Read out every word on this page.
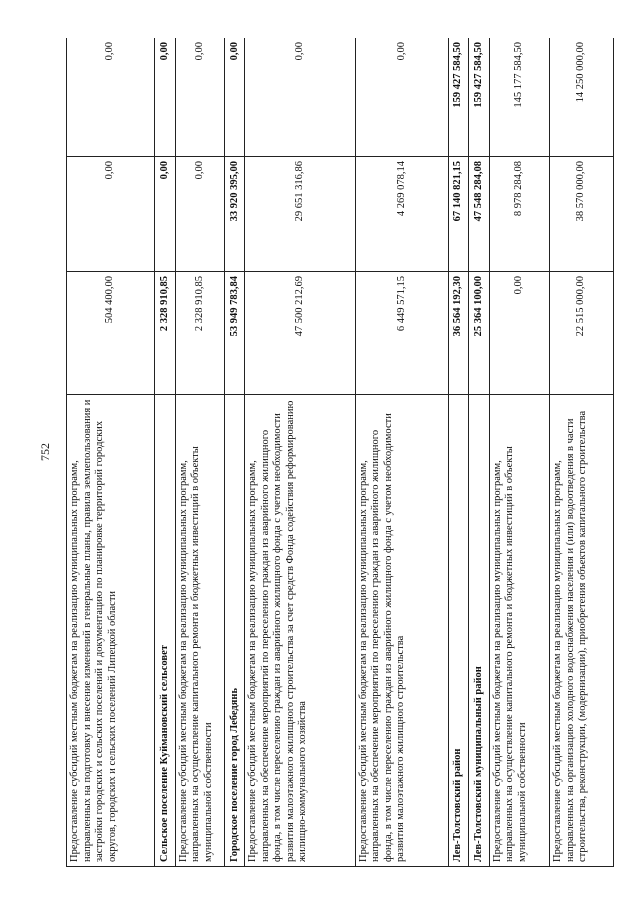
752
Предоставление субсидий местным бюджетам на реализацию муниципальных программ, направленных на подготовку и внесение изменений в генеральные планы, правила землепользования и застройки городских и сельских поселений и документацию по планировке территорий городских округов, городских и сельских поселений Липецкой области	504 400,00	0,00	0,00
Сельское поселение Куймановский сельсовет	2 328 910,85	0,00	0,00
Предоставление субсидий местным бюджетам на реализацию муниципальных программ, направленных на осуществление капитального ремонта и бюджетных инвестиций в объекты муниципальной собственности	2 328 910,85	0,00	0,00
Городское поселение город Лебедянь	53 949 783,84	33 920 395,00	0,00
Предоставление субсидий местным бюджетам на реализацию муниципальных программ, направленных на обеспечение мероприятий по переселению граждан из аварийного жилищного фонда, в том числе переселению граждан из аварийного жилищного фонда с учетом необходимости развития малоэтажного жилищного строительства за счет средств Фонда содействия реформированию жилищно-коммунального хозяйства	47 500 212,69	29 651 316,86	0,00
Предоставление субсидий местным бюджетам на реализацию муниципальных программ, направленных на обеспечение мероприятий по переселению граждан из аварийного жилищного фонда, в том числе переселению граждан из аварийного жилищного фонда с учетом необходимости развития малоэтажного жилищного строительства	6 449 571,15	4 269 078,14	0,00
Лев-Толстовский район	36 564 192,30	67 140 821,15	159 427 584,50
Лев-Толстовский муниципальный район	25 364 100,00	47 548 284,08	159 427 584,50
Предоставление субсидий местным бюджетам на реализацию муниципальных программ, направленных на осуществление капитального ремонта и бюджетных инвестиций в объекты муниципальной собственности	0,00	8 978 284,08	145 177 584,50
Предоставление субсидий местным бюджетам на реализацию муниципальных программ, направленных на организацию холодного водоснабжения населения и (или) водоотведения в части строительства, реконструкции, (модернизации), приобретения объектов капитального строительства	22 515 000,00	38 570 000,00	14 250 000,00
